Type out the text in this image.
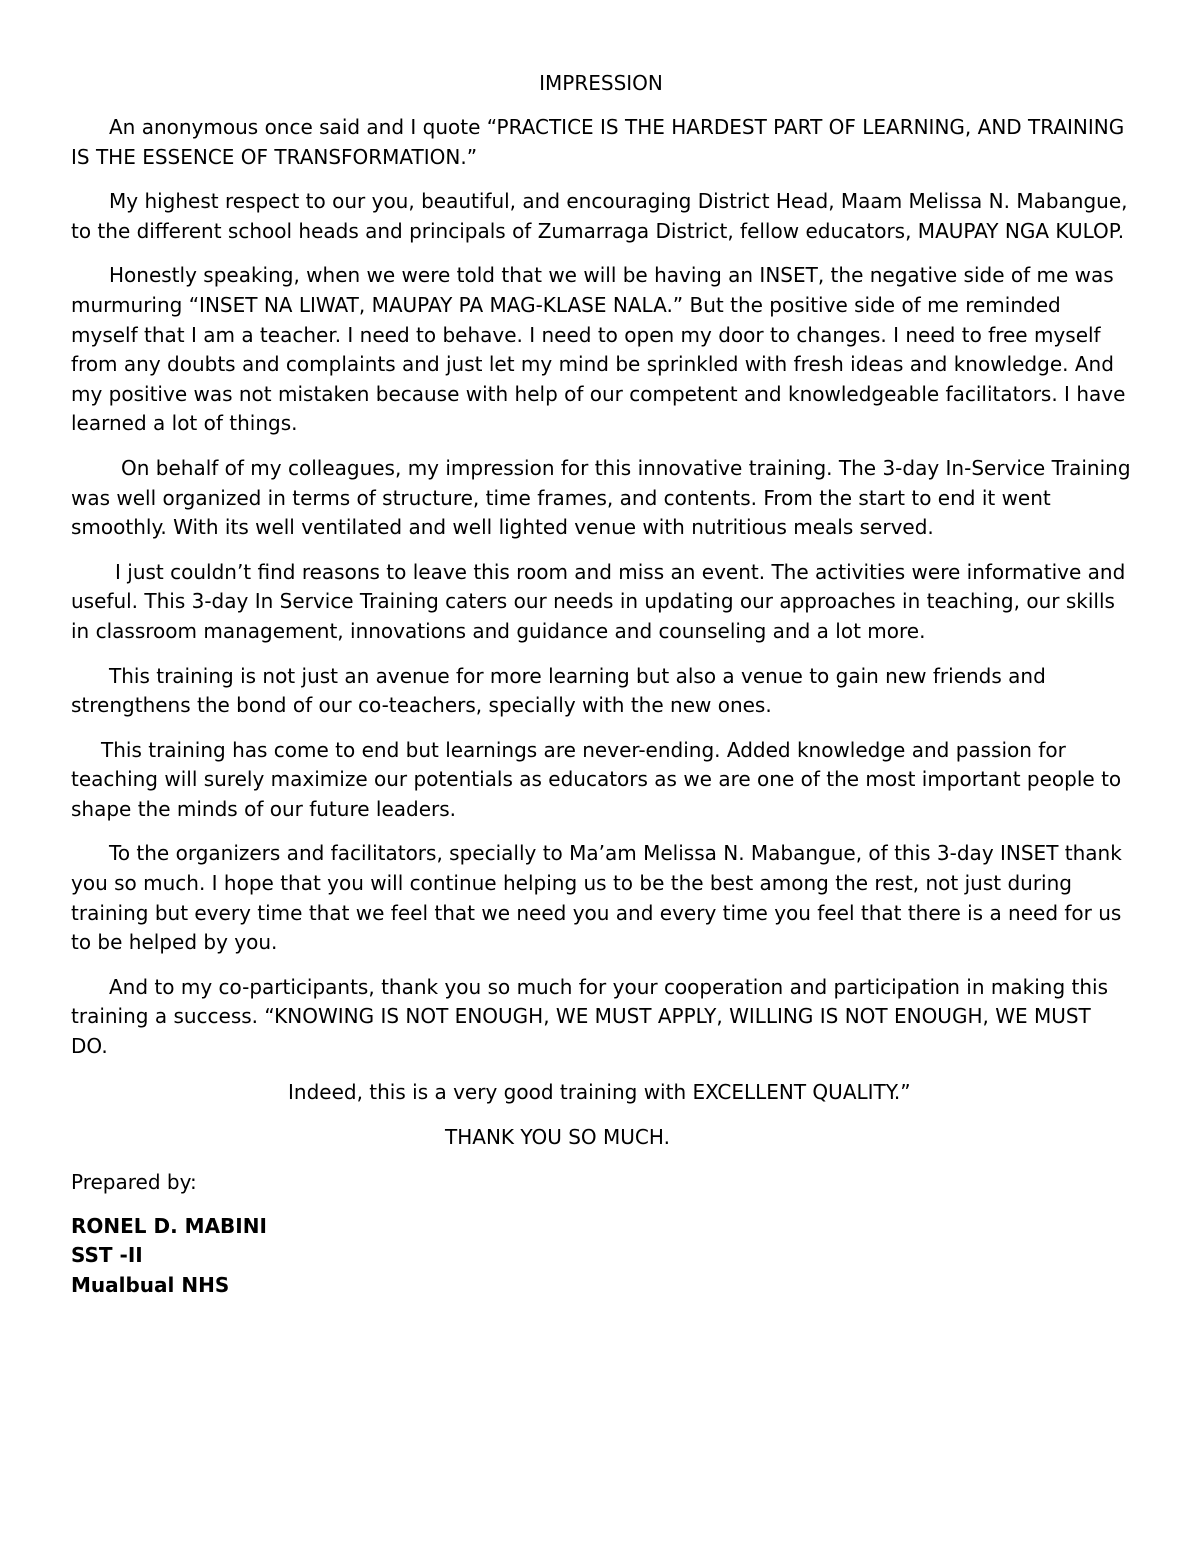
IMPRESSION

An anonymous once said and I quote “PRACTICE IS THE HARDEST PART OF LEARNING, AND TRAINING IS THE ESSENCE OF TRANSFORMATION.”

My highest respect to our you, beautiful, and encouraging District Head, Maam Melissa N. Mabangue, to the different school heads and principals of Zumarraga District, fellow educators, MAUPAY NGA KULOP.

Honestly speaking, when we were told that we will be having an INSET, the negative side of me was murmuring “INSET NA LIWAT, MAUPAY PA MAG-KLASE NALA.” But the positive side of me reminded myself that I am a teacher. I need to behave. I need to open my door to changes. I need to free myself from any doubts and complaints and just let my mind be sprinkled with fresh ideas and knowledge. And my positive was not mistaken because with help of our competent and knowledgeable facilitators. I have learned a lot of things.

On behalf of my colleagues, my impression for this innovative training. The 3-day In-Service Training was well organized in terms of structure, time frames, and contents. From the start to end it went smoothly. With its well ventilated and well lighted venue with nutritious meals served.

I just couldn’t find reasons to leave this room and miss an event. The activities were informative and useful. This 3-day In Service Training caters our needs in updating our approaches in teaching, our skills in classroom management, innovations and guidance and counseling and a lot more.

This training is not just an avenue for more learning but also a venue to gain new friends and strengthens the bond of our co-teachers, specially with the new ones.

This training has come to end but learnings are never-ending. Added knowledge and passion for teaching will surely maximize our potentials as educators as we are one of the most important people to shape the minds of our future leaders.

To the organizers and facilitators, specially to Ma’am Melissa N. Mabangue, of this 3-day INSET thank you so much. I hope that you will continue helping us to be the best among the rest, not just during training but every time that we feel that we need you and every time you feel that there is a need for us to be helped by you.

And to my co-participants, thank you so much for your cooperation and participation in making this training a success. “KNOWING IS NOT ENOUGH, WE MUST APPLY, WILLING IS NOT ENOUGH, WE MUST DO.

Indeed, this is a very good training with EXCELLENT QUALITY.”
THANK YOU SO MUCH.
Prepared by:
RONEL D. MABINI
SST -II
Mualbual NHS
